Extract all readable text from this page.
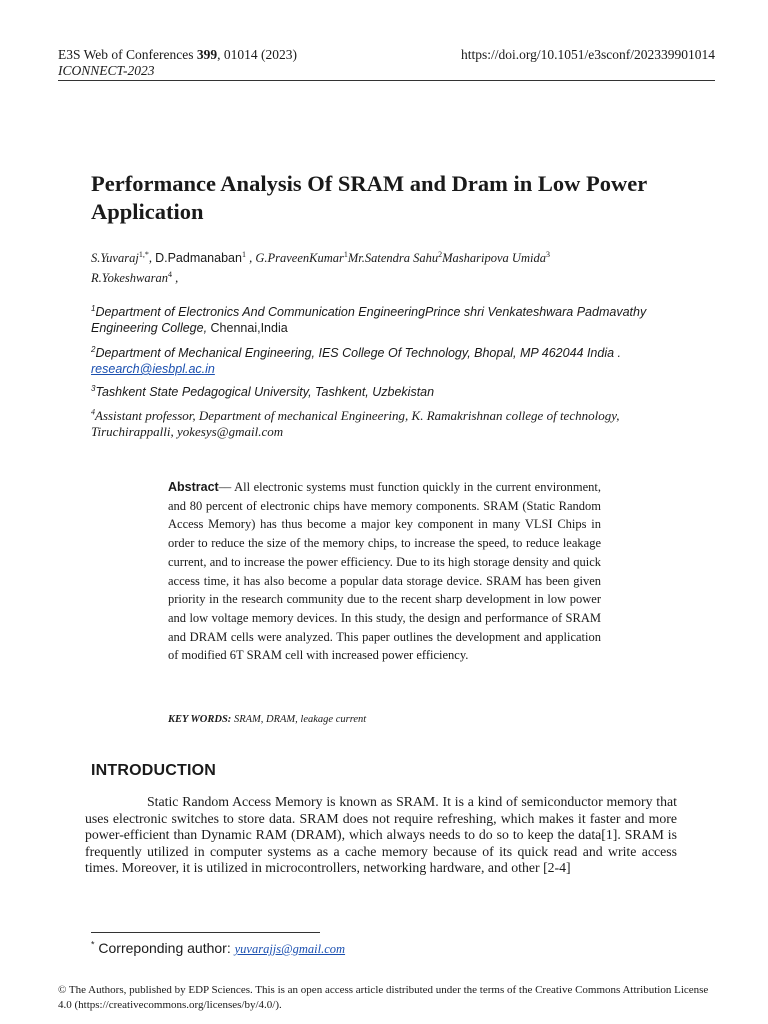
E3S Web of Conferences 399, 01014 (2023)
ICONNECT-2023
https://doi.org/10.1051/e3sconf/202339901014
Performance Analysis Of SRAM and Dram in Low Power Application
S.Yuvaraj$^{1,*}$, D.Padmanaban$^1$ , G.PraveenKumar$^1$Mr.Satendra Sahu$^2$Masharipova Umida$^3$
R.Yokeshwaran$^4$ ,
$^1$Department of Electronics And Communication EngineeringPrince shri Venkateshwara Padmavathy Engineering College, Chennai,India
$^2$Department of Mechanical Engineering, IES College Of Technology, Bhopal, MP 462044 India .
research@iesbpl.ac.in
$^3$Tashkent State Pedagogical University, Tashkent, Uzbekistan
$^4$Assistant professor, Department of mechanical Engineering, K. Ramakrishnan college of technology, Tiruchirappalli, yokesys@gmail.com
Abstract–– All electronic systems must function quickly in the current environment, and 80 percent of electronic chips have memory components. SRAM (Static Random Access Memory) has thus become a major key component in many VLSI Chips in order to reduce the size of the memory chips, to increase the speed, to reduce leakage current, and to increase the power efficiency. Due to its high storage density and quick access time, it has also become a popular data storage device. SRAM has been given priority in the research community due to the recent sharp development in low power and low voltage memory devices. In this study, the design and performance of SRAM and DRAM cells were analyzed. This paper outlines the development and application of modified 6T SRAM cell with increased power efficiency.
KEY WORDS: SRAM, DRAM, leakage current
INTRODUCTION
Static Random Access Memory is known as SRAM. It is a kind of semiconductor memory that uses electronic switches to store data. SRAM does not require refreshing, which makes it faster and more power-efficient than Dynamic RAM (DRAM), which always needs to do so to keep the data[1]. SRAM is frequently utilized in computer systems as a cache memory because of its quick read and write access times. Moreover, it is utilized in microcontrollers, networking hardware, and other [2-4]
* Correponding author: yuvarajjs@gmail.com
© The Authors, published by EDP Sciences. This is an open access article distributed under the terms of the Creative Commons Attribution License 4.0 (https://creativecommons.org/licenses/by/4.0/).
